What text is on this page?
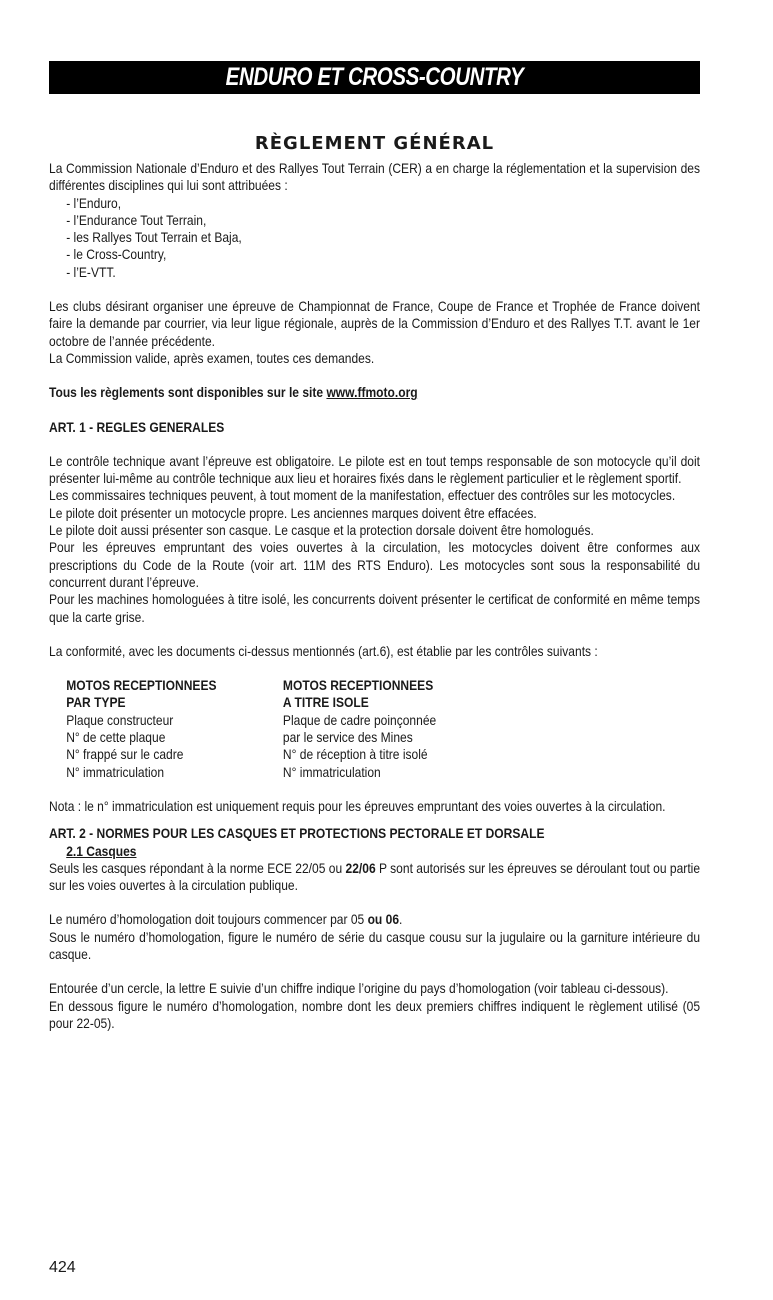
ENDURO ET CROSS-COUNTRY
RÈGLEMENT GÉNÉRAL

La Commission Nationale d’Enduro et des Rallyes Tout Terrain (CER) a en charge la réglementation et la supervision des différentes disciplines qui lui sont attribuées :

- l’Enduro,
- l’Endurance Tout Terrain,
- les Rallyes Tout Terrain et Baja,
- le Cross-Country,
- l’E-VTT.

Les clubs désirant organiser une épreuve de Championnat de France, Coupe de France et Trophée de France doivent faire la demande par courrier, via leur ligue régionale, auprès de la Commission d’Enduro et des Rallyes T.T. avant le 1er octobre de l’année précédente.

La Commission valide, après examen, toutes ces demandes.

Tous les règlements sont disponibles sur le site www.ffmoto.org

ART. 1 - REGLES GENERALES

Le contrôle technique avant l’épreuve est obligatoire. Le pilote est en tout temps responsable de son motocycle qu’il doit présenter lui-même au contrôle technique aux lieu et horaires fixés dans le règlement particulier et le règlement sportif.

Les commissaires techniques peuvent, à tout moment de la manifestation, effectuer des contrôles sur les motocycles.

Le pilote doit présenter un motocycle propre. Les anciennes marques doivent être effacées.

Le pilote doit aussi présenter son casque. Le casque et la protection dorsale doivent être homologués.

Pour les épreuves empruntant des voies ouvertes à la circulation, les motocycles doivent être conformes aux prescriptions du Code de la Route (voir art. 11M des RTS Enduro). Les motocycles sont sous la responsabilité du concurrent durant l’épreuve.

Pour les machines homologuées à titre isolé, les concurrents doivent présenter le certificat de conformité en même temps que la carte grise.

La conformité, avec les documents ci-dessus mentionnés (art.6), est établie par les contrôles suivants :

MOTOS RECEPTIONNEES
PAR TYPE
Plaque constructeur
N° de cette plaque
N° frappé sur le cadre
N° immatriculation
MOTOS RECEPTIONNEES
A TITRE ISOLE
Plaque de cadre poinçonnée
par le service des Mines
N° de réception à titre isolé
N° immatriculation

Nota : le n° immatriculation est uniquement requis pour les épreuves empruntant des voies ouvertes à la circulation.

ART. 2 - NORMES POUR LES CASQUES ET PROTECTIONS PECTORALE ET DORSALE

2.1 Casques

Seuls les casques répondant à la norme ECE 22/05 ou 22/06 P sont autorisés sur les épreuves se déroulant tout ou partie sur les voies ouvertes à la circulation publique.

Le numéro d’homologation doit toujours commencer par 05 ou 06.

Sous le numéro d’homologation, figure le numéro de série du casque cousu sur la jugulaire ou la garniture intérieure du casque.

Entourée d’un cercle, la lettre E suivie d’un chiffre indique l’origine du pays d’homologation (voir tableau ci-dessous).

En dessous figure le numéro d’homologation, nombre dont les deux premiers chiffres indiquent le règlement utilisé (05 pour 22-05).

424
